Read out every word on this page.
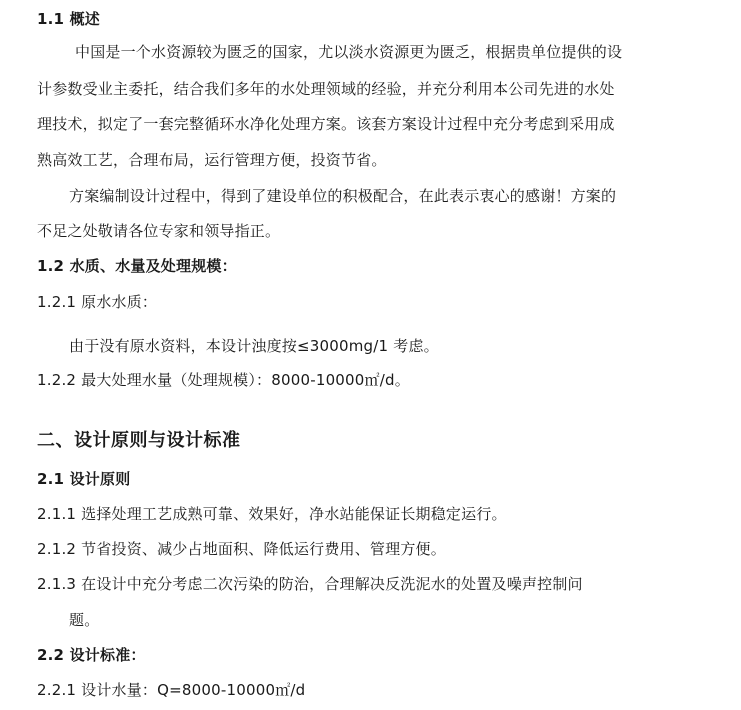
1.1 概述
中国是一个水资源较为匮乏的国家，尤以淡水资源更为匮乏，根据贵单位提供的设
计参数受业主委托，结合我们多年的水处理领域的经验，并充分利用本公司先进的水处
理技术，拟定了一套完整循环水净化处理方案。该套方案设计过程中充分考虑到采用成
熟高效工艺，合理布局，运行管理方便，投资节省。
方案编制设计过程中，得到了建设单位的积极配合，在此表示衷心的感谢！方案的
不足之处敬请各位专家和领导指正。
1.2 水质、水量及处理规模：
1.2.1 原水水质：
由于没有原水资料，本设计浊度按≤3000mg/1 考虑。
1.2.2 最大处理水量（处理规模）：8000-10000㎡/d。
二、设计原则与设计标准
2.1 设计原则
2.1.1 选择处理工艺成熟可靠、效果好，净水站能保证长期稳定运行。
2.1.2 节省投资、减少占地面积、降低运行费用、管理方便。
2.1.3 在设计中充分考虑二次污染的防治，合理解决反洗泥水的处置及噪声控制问
题。
2.2 设计标准：
2.2.1 设计水量：Q=8000-10000㎡/d
